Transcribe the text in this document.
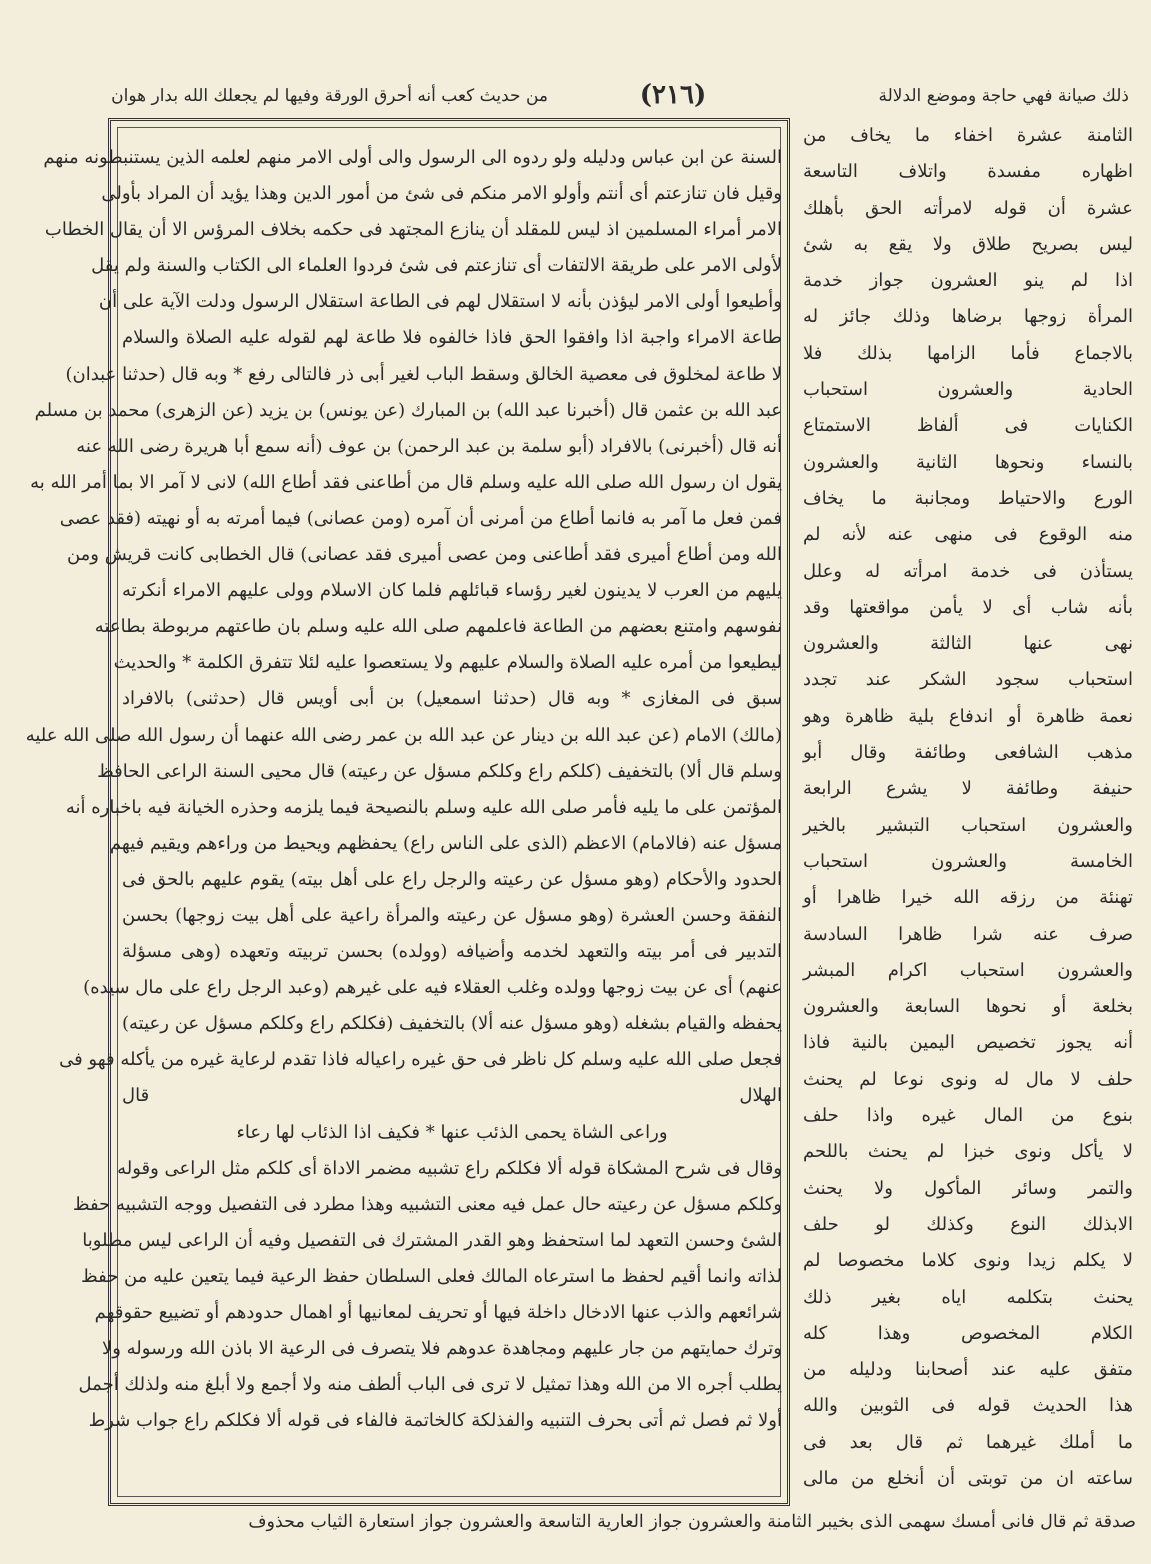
ذلك صيانة فهي حاجة وموضع الدلالة
(٢١٦)
من حديث كعب أنه أحرق الورقة وفيها لم يجعلك الله بدار هوان
السنة عن ابن عباس ودليله ولو ردوه الى الرسول والى أولى الامر منهم لعلمه الذين يستنبطونه منهم
وقيل فان تنازعتم أى أنتم وأولو الامر منكم فى شئ من أمور الدين وهذا يؤيد أن المراد بأولى
الامر أمراء المسلمين اذ ليس للمقلد أن ينازع المجتهد فى حكمه بخلاف المرؤس الا أن يقال الخطاب
لأولى الامر على طريقة الالتفات أى تنازعتم فى شئ فردوا العلماء الى الكتاب والسنة ولم يقل
وأطيعوا أولى الامر ليؤذن بأنه لا استقلال لهم فى الطاعة استقلال الرسول ودلت الآية على أن
طاعة الامراء واجبة اذا وافقوا الحق فاذا خالفوه فلا طاعة لهم لقوله عليه الصلاة والسلام
لا طاعة لمخلوق فى معصية الخالق وسقط الباب لغير أبى ذر فالتالى رفع * وبه قال (حدثنا عبدان)
عبد الله بن عثمن قال (أخبرنا عبد الله) بن المبارك (عن يونس) بن يزيد (عن الزهرى) محمد بن مسلم
أنه قال (أخبرنى) بالافراد (أبو سلمة بن عبد الرحمن) بن عوف (أنه سمع أبا هريرة رضى الله عنه
يقول ان رسول الله صلى الله عليه وسلم قال من أطاعنى فقد أطاع الله) لانى لا آمر الا بما أمر الله به
فمن فعل ما آمر به فانما أطاع من أمرنى أن آمره (ومن عصانى) فيما أمرته به أو نهيته (فقد عصى
الله ومن أطاع أميرى فقد أطاعنى ومن عصى أميرى فقد عصانى) قال الخطابى كانت قريش ومن
يليهم من العرب لا يدينون لغير رؤساء قبائلهم فلما كان الاسلام وولى عليهم الامراء أنكرته
نفوسهم وامتنع بعضهم من الطاعة فاعلمهم صلى الله عليه وسلم بان طاعتهم مربوطة بطاعته
ليطيعوا من أمره عليه الصلاة والسلام عليهم ولا يستعصوا عليه لئلا تتفرق الكلمة * والحديث
سبق فى المغازى * وبه قال (حدثنا اسمعيل) بن أبى أويس قال (حدثنى) بالافراد
(مالك) الامام (عن عبد الله بن دينار عن عبد الله بن عمر رضى الله عنهما أن رسول الله صلى الله عليه
وسلم قال ألا) بالتخفيف (كلكم راع وكلكم مسؤل عن رعيته) قال محيى السنة الراعى الحافظ
المؤتمن على ما يليه فأمر صلى الله عليه وسلم بالنصيحة فيما يلزمه وحذره الخيانة فيه باخباره أنه
مسؤل عنه (فالامام) الاعظم (الذى على الناس راع) يحفظهم ويحيط من وراءهم ويقيم فيهم
الحدود والأحكام (وهو مسؤل عن رعيته والرجل راع على أهل بيته) يقوم عليهم بالحق فى
النفقة وحسن العشرة (وهو مسؤل عن رعيته والمرأة راعية على أهل بيت زوجها) بحسن
التدبير فى أمر بيته والتعهد لخدمه وأضيافه (وولده) بحسن تربيته وتعهده (وهى مسؤلة
عنهم) أى عن بيت زوجها وولده وغلب العقلاء فيه على غيرهم (وعبد الرجل راع على مال سيده)
يحفظه والقيام بشغله (وهو مسؤل عنه ألا) بالتخفيف (فكلكم راع وكلكم مسؤل عن رعيته)
فجعل صلى الله عليه وسلم كل ناظر فى حق غيره راعياله فاذا تقدم لرعاية غيره من يأكله فهو فى
الهلال قال
وراعى الشاة يحمى الذئب عنها * فكيف اذا الذئاب لها رعاء
وقال فى شرح المشكاة قوله ألا فكلكم راع تشبيه مضمر الاداة أى كلكم مثل الراعى وقوله
وكلكم مسؤل عن رعيته حال عمل فيه معنى التشبيه وهذا مطرد فى التفصيل ووجه التشبيه حفظ
الشئ وحسن التعهد لما استحفظ وهو القدر المشترك فى التفصيل وفيه أن الراعى ليس مطلوبا
لذاته وانما أقيم لحفظ ما استرعاه المالك فعلى السلطان حفظ الرعية فيما يتعين عليه من حفظ
شرائعهم والذب عنها الادخال داخلة فيها أو تحريف لمعانيها أو اهمال حدودهم أو تضييع حقوقهم
وترك حمايتهم من جار عليهم ومجاهدة عدوهم فلا يتصرف فى الرعية الا باذن الله ورسوله ولا
يطلب أجره الا من الله وهذا تمثيل لا ترى فى الباب ألطف منه ولا أجمع ولا أبلغ منه ولذلك أجمل
أولا ثم فصل ثم أتى بحرف التنبيه والفذلكة كالخاتمة فالفاء فى قوله ألا فكلكم راع جواب شرط
الثامنة عشرة اخفاء ما يخاف من
اظهاره مفسدة واتلاف التاسعة
عشرة أن قوله لامرأته الحق بأهلك
ليس بصريح طلاق ولا يقع به شئ
اذا لم ينو العشرون جواز خدمة
المرأة زوجها برضاها وذلك جائز له
بالاجماع فأما الزامها بذلك فلا
الحادية والعشرون استحباب
الكنايات فى ألفاظ الاستمتاع
بالنساء ونحوها الثانية والعشرون
الورع والاحتياط ومجانبة ما يخاف
منه الوقوع فى منهى عنه لأنه لم
يستأذن فى خدمة امرأته له وعلل
بأنه شاب أى لا يأمن مواقعتها وقد
نهى عنها الثالثة والعشرون
استحباب سجود الشكر عند تجدد
نعمة ظاهرة أو اندفاع بلية ظاهرة وهو
مذهب الشافعى وطائفة وقال أبو
حنيفة وطائفة لا يشرع الرابعة
والعشرون استحباب التبشير بالخير
الخامسة والعشرون استحباب
تهنئة من رزقه الله خيرا ظاهرا أو
صرف عنه شرا ظاهرا السادسة
والعشرون استحباب اكرام المبشر
بخلعة أو نحوها السابعة والعشرون
أنه يجوز تخصيص اليمين بالنية فاذا
حلف لا مال له ونوى نوعا لم يحنث
بنوع من المال غيره واذا حلف
لا يأكل ونوى خبزا لم يحنث باللحم
والتمر وسائر المأكول ولا يحنث
الابذلك النوع وكذلك لو حلف
لا يكلم زيدا ونوى كلاما مخصوصا لم
يحنث بتكلمه اياه بغير ذلك
الكلام المخصوص وهذا كله
متفق عليه عند أصحابنا ودليله من
هذا الحديث قوله فى الثوبين والله
ما أملك غيرهما ثم قال بعد فى
ساعته ان من توبتى أن أنخلع من مالى
صدقة ثم قال فانى أمسك سهمى الذى بخيبر الثامنة والعشرون جواز العارية التاسعة والعشرون جواز استعارة الثياب محذوف
